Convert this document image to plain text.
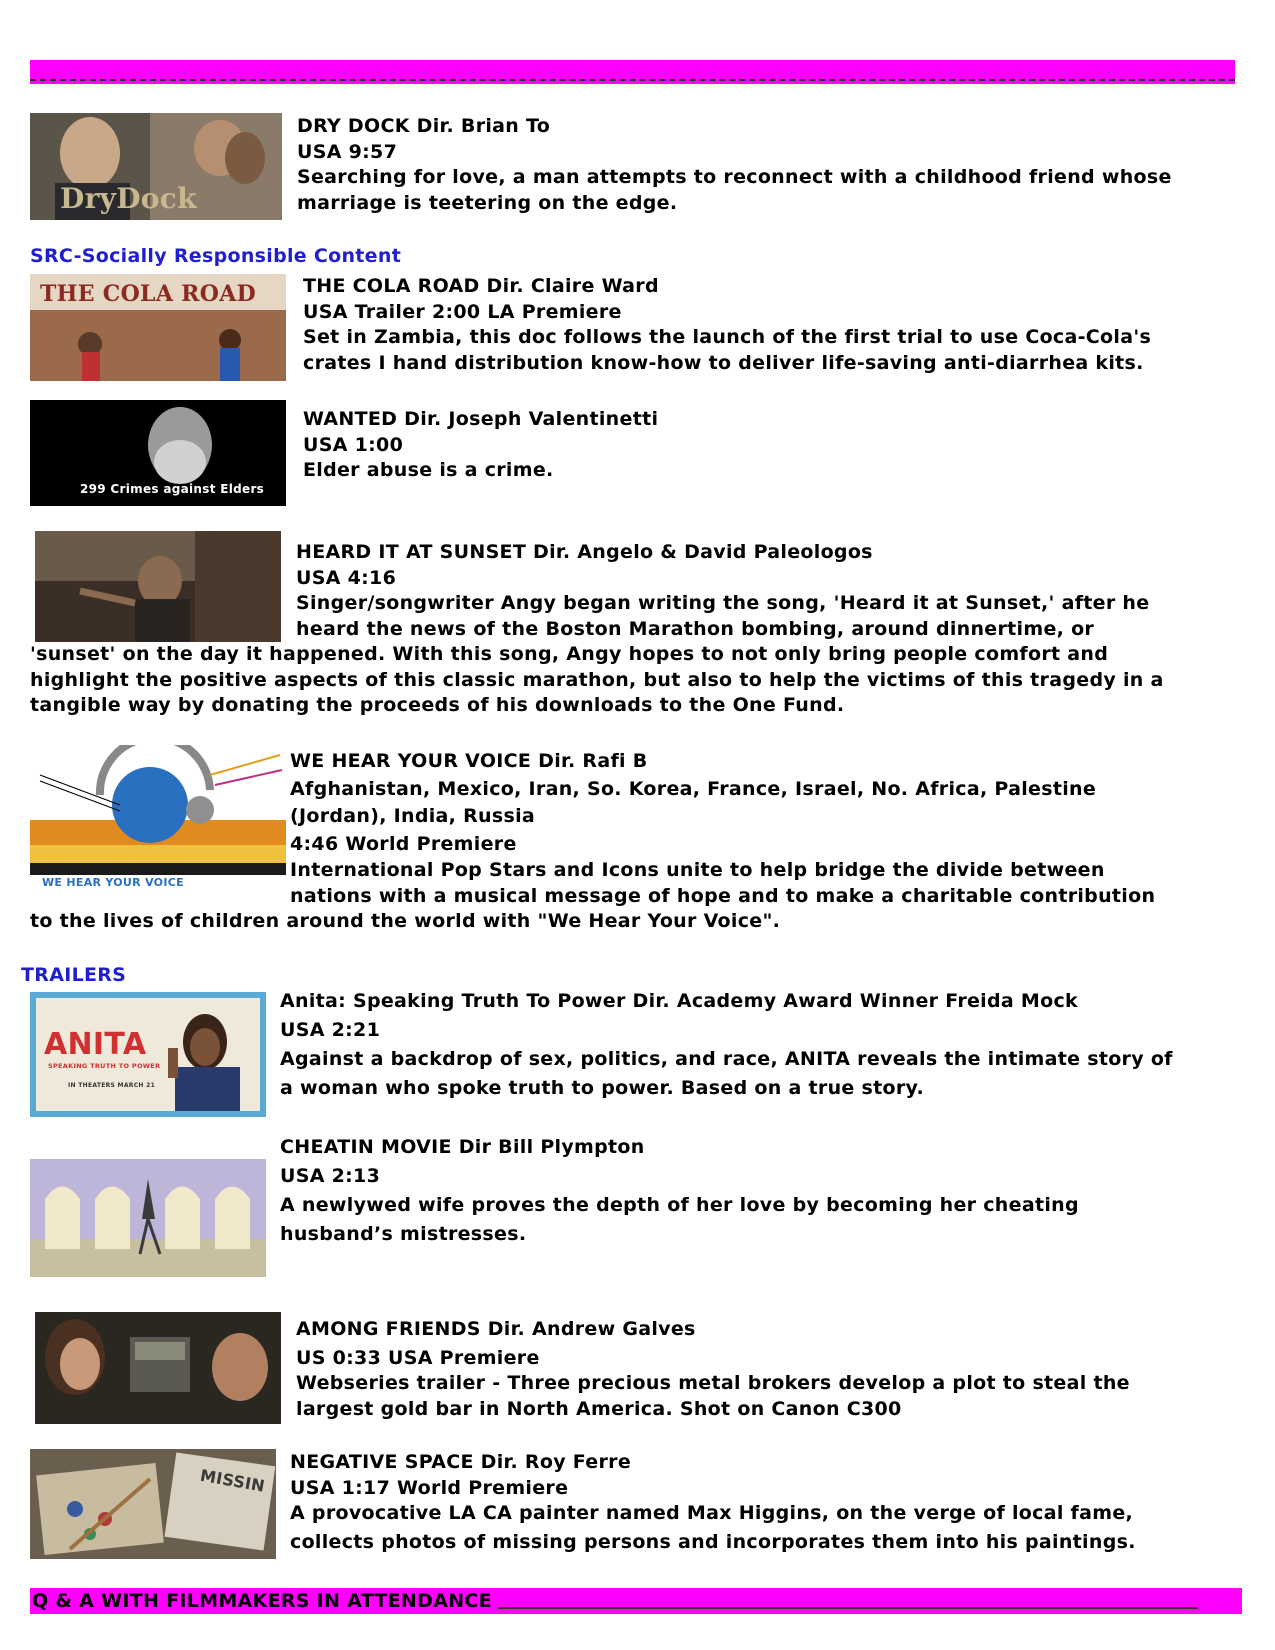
DryDock
DRY DOCK Dir. Brian To
USA 9:57
Searching for love, a man attempts to reconnect with a childhood friend whose
marriage is teetering on the edge.
SRC-Socially Responsible Content
THE COLA ROAD THE COLA ROAD Dir. Claire Ward
USA Trailer 2:00 LA Premiere
Set in Zambia, this doc follows the launch of the first trial to use Coca-Cola's
crates I hand distribution know-how to deliver life-saving anti-diarrhea kits.
299 Crimes against Elders
WANTED Dir. Joseph Valentinetti
USA 1:00
Elder abuse is a crime.
HEARD IT AT SUNSET Dir. Angelo & David Paleologos
USA 4:16
Singer/songwriter Angy began writing the song, 'Heard it at Sunset,' after he
heard the news of the Boston Marathon bombing, around dinnertime, or
'sunset' on the day it happened. With this song, Angy hopes to not only bring people comfort and
highlight the positive aspects of this classic marathon, but also to help the victims of this tragedy in a
tangible way by donating the proceeds of his downloads to the One Fund.
WE HEAR YOUR VOICE
WE HEAR YOUR VOICE Dir. Rafi B
Afghanistan, Mexico, Iran, So. Korea, France, Israel, No. Africa, Palestine
(Jordan), India, Russia
4:46 World Premiere
International Pop Stars and Icons unite to help bridge the divide between
nations with a musical message of hope and to make a charitable contribution
to the lives of children around the world with "We Hear Your Voice".
TRAILERS
ANITA
SPEAKING TRUTH TO POWER
IN THEATERS MARCH 21
Anita: Speaking Truth To Power Dir. Academy Award Winner Freida Mock
USA 2:21
Against a backdrop of sex, politics, and race, ANITA reveals the intimate story of
a woman who spoke truth to power. Based on a true story.
CHEATIN MOVIE Dir Bill Plympton
USA 2:13
A newlywed wife proves the depth of her love by becoming her cheating
husband’s mistresses.
AMONG FRIENDS Dir. Andrew Galves
US 0:33 USA Premiere
Webseries trailer - Three precious metal brokers develop a plot to steal the
largest gold bar in North America. Shot on Canon C300
MISSIN
NEGATIVE SPACE Dir. Roy Ferre
USA 1:17 World Premiere
A provocative LA CA painter named Max Higgins, on the verge of local fame,
collects photos of missing persons and incorporates them into his paintings.
Q & A WITH FILMMAKERS IN ATTENDANCE
